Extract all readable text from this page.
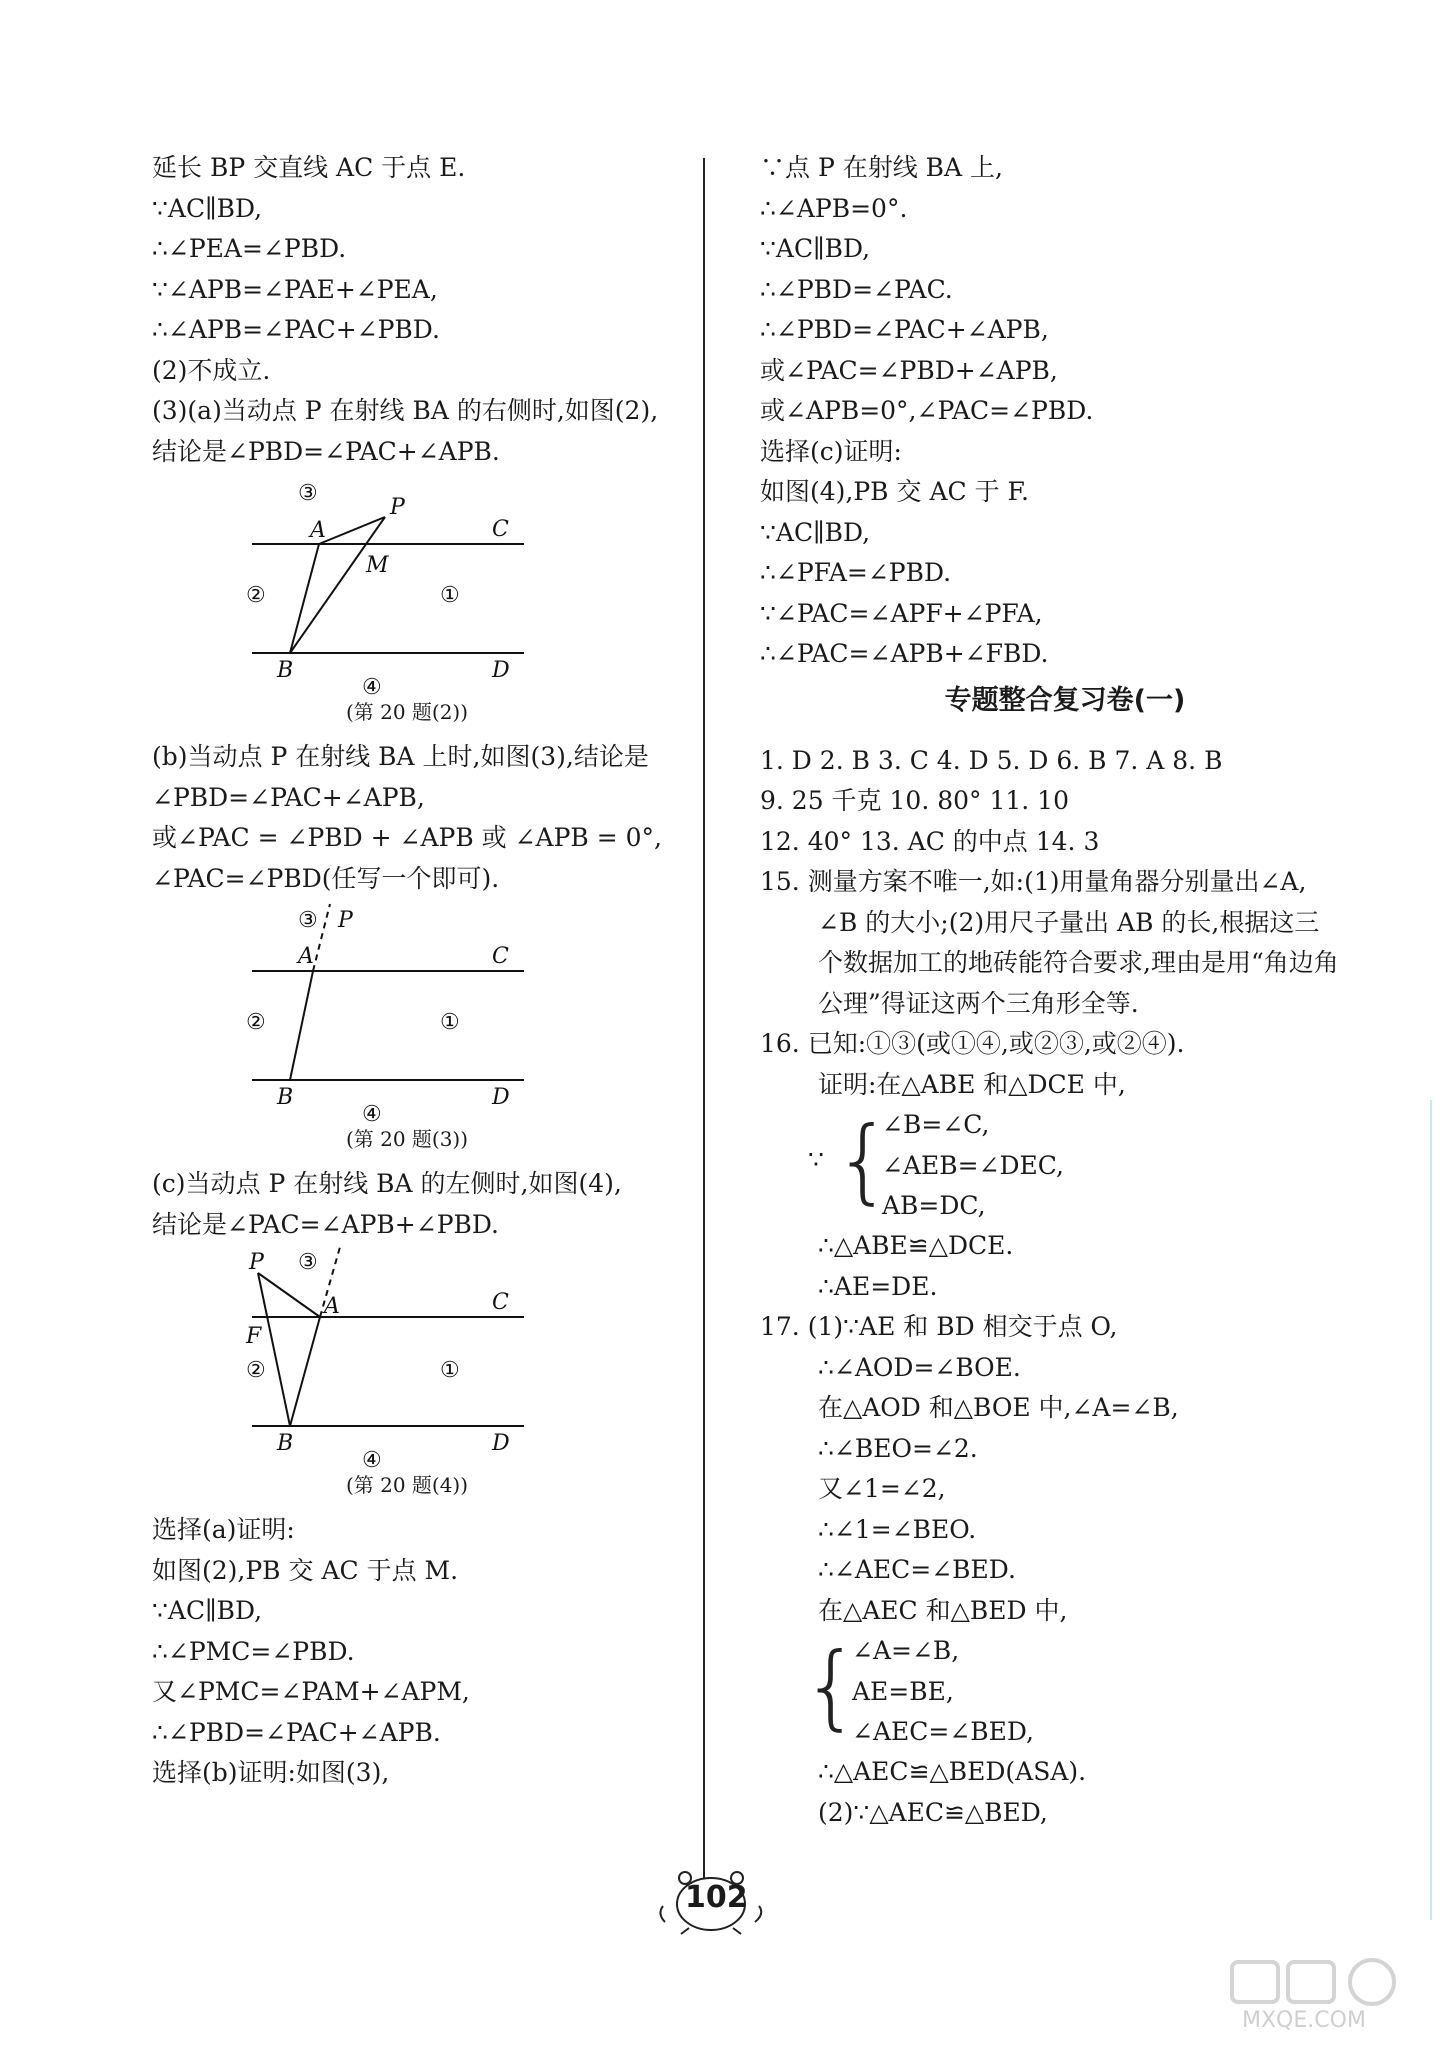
延长 BP 交直线 AC 于点 E.
∵AC∥BD,
∴∠PEA=∠PBD.
∵∠APB=∠PAE+∠PEA,
∴∠APB=∠PAC+∠PBD.
(2)不成立.
(3)(a)当动点 P 在射线 BA 的右侧时,如图(2),
结论是∠PBD=∠PAC+∠APB.
③
A
P
C
M
②	①
B	D
④
(第 20 题(2))
(b)当动点 P 在射线 BA 上时,如图(3),结论是
∠PBD=∠PAC+∠APB,
或∠PAC = ∠PBD + ∠APB 或 ∠APB = 0°,
∠PAC=∠PBD(任写一个即可).
③ P
A	C
②	①
B	D
④
(第 20 题(3))
(c)当动点 P 在射线 BA 的左侧时,如图(4),
结论是∠PAC=∠APB+∠PBD.
P ③
A	C
F
②	①
B	D
④
(第 20 题(4))
选择(a)证明:
如图(2),PB 交 AC 于点 M.
∵AC∥BD,
∴∠PMC=∠PBD.
又∠PMC=∠PAM+∠APM,
∴∠PBD=∠PAC+∠APB.
选择(b)证明:如图(3),
∵点 P 在射线 BA 上,
∴∠APB=0°.
∵AC∥BD,
∴∠PBD=∠PAC.
∴∠PBD=∠PAC+∠APB,
或∠PAC=∠PBD+∠APB,
或∠APB=0°,∠PAC=∠PBD.
选择(c)证明:
如图(4),PB 交 AC 于 F.
∵AC∥BD,
∴∠PFA=∠PBD.
∵∠PAC=∠APF+∠PFA,
∴∠PAC=∠APB+∠FBD.
专题整合复习卷(一)
1. D 2. B 3. C 4. D 5. D 6. B 7. A 8. B
9. 25 千克 10. 80° 11. 10
12. 40° 13. AC 的中点 14. 3
15. 测量方案不唯一,如:(1)用量角器分别量出∠A,
∠B 的大小;(2)用尺子量出 AB 的长,根据这三
个数据加工的地砖能符合要求,理由是用“角边角
公理”得证这两个三角形全等.
16. 已知:①③(或①④,或②③,或②④).
证明:在△ABE 和△DCE 中,
∵ {
∠B=∠C,
∠AEB=∠DEC,
AB=DC,
∴△ABE≌△DCE.
∴AE=DE.
17. (1)∵AE 和 BD 相交于点 O,
∴∠AOD=∠BOE.
在△AOD 和△BOE 中,∠A=∠B,
∴∠BEO=∠2.
又∠1=∠2,
∴∠1=∠BEO.
∴∠AEC=∠BED.
在△AEC 和△BED 中,
{
∠A=∠B,
AE=BE,
∠AEC=∠BED,
∴△AEC≌△BED(ASA).
(2)∵△AEC≌△BED,
102
MXQE.COM
